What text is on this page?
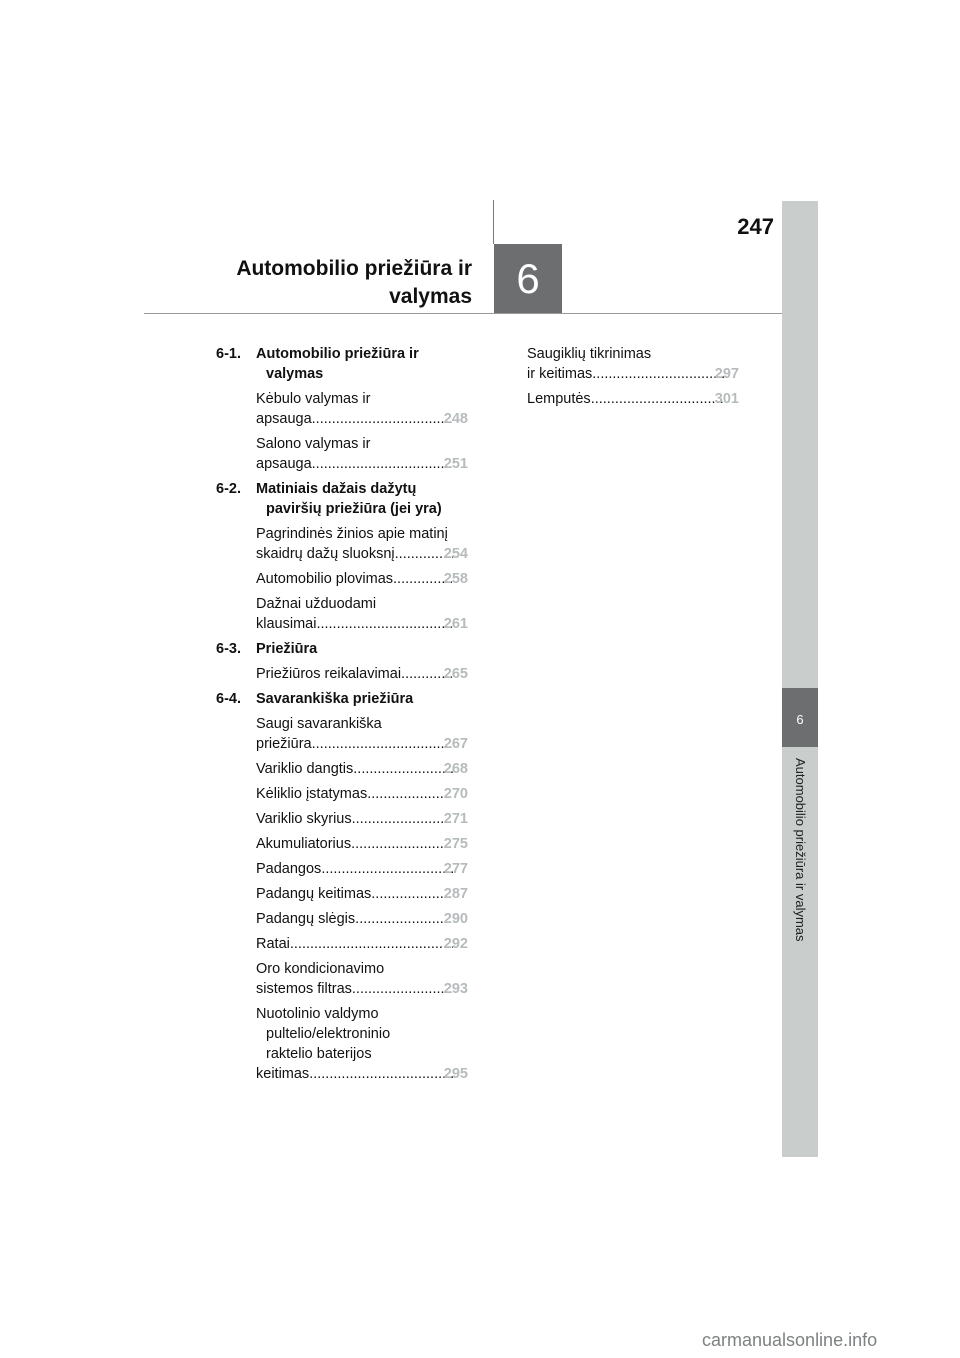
247
Automobilio priežiūra ir
valymas	6
6
Automobilio priežiūra ir valymas
6-1. Automobilio priežiūra ir
valymas
Kėbulo valymas ir
apsauga .....	248
Salono valymas ir
apsauga .....	251
6-2. Matiniais dažais dažytų
paviršių priežiūra (jei yra)
Pagrindinės žinios apie matinį
skaidrų dažų sluoksnį .....	254
Automobilio plovimas .....	258
Dažnai užduodami
klausimai .....	261
6-3. Priežiūra
Priežiūros reikalavimai .....	265
6-4. Savarankiška priežiūra
Saugi savarankiška
priežiūra .....	267
Variklio dangtis .....	268
Kėliklio įstatymas .....	270
Variklio skyrius .....	271
Akumuliatorius .....	275
Padangos .....	277
Padangų keitimas .....	287
Padangų slėgis .....	290
Ratai .....	292
Oro kondicionavimo
sistemos filtras .....	293
Nuotolinio valdymo
pultelio/elektroninio
raktelio baterijos
keitimas .....	295
Saugiklių tikrinimas
ir keitimas .....	297
Lemputės .....	301
carmanualsonline.info
